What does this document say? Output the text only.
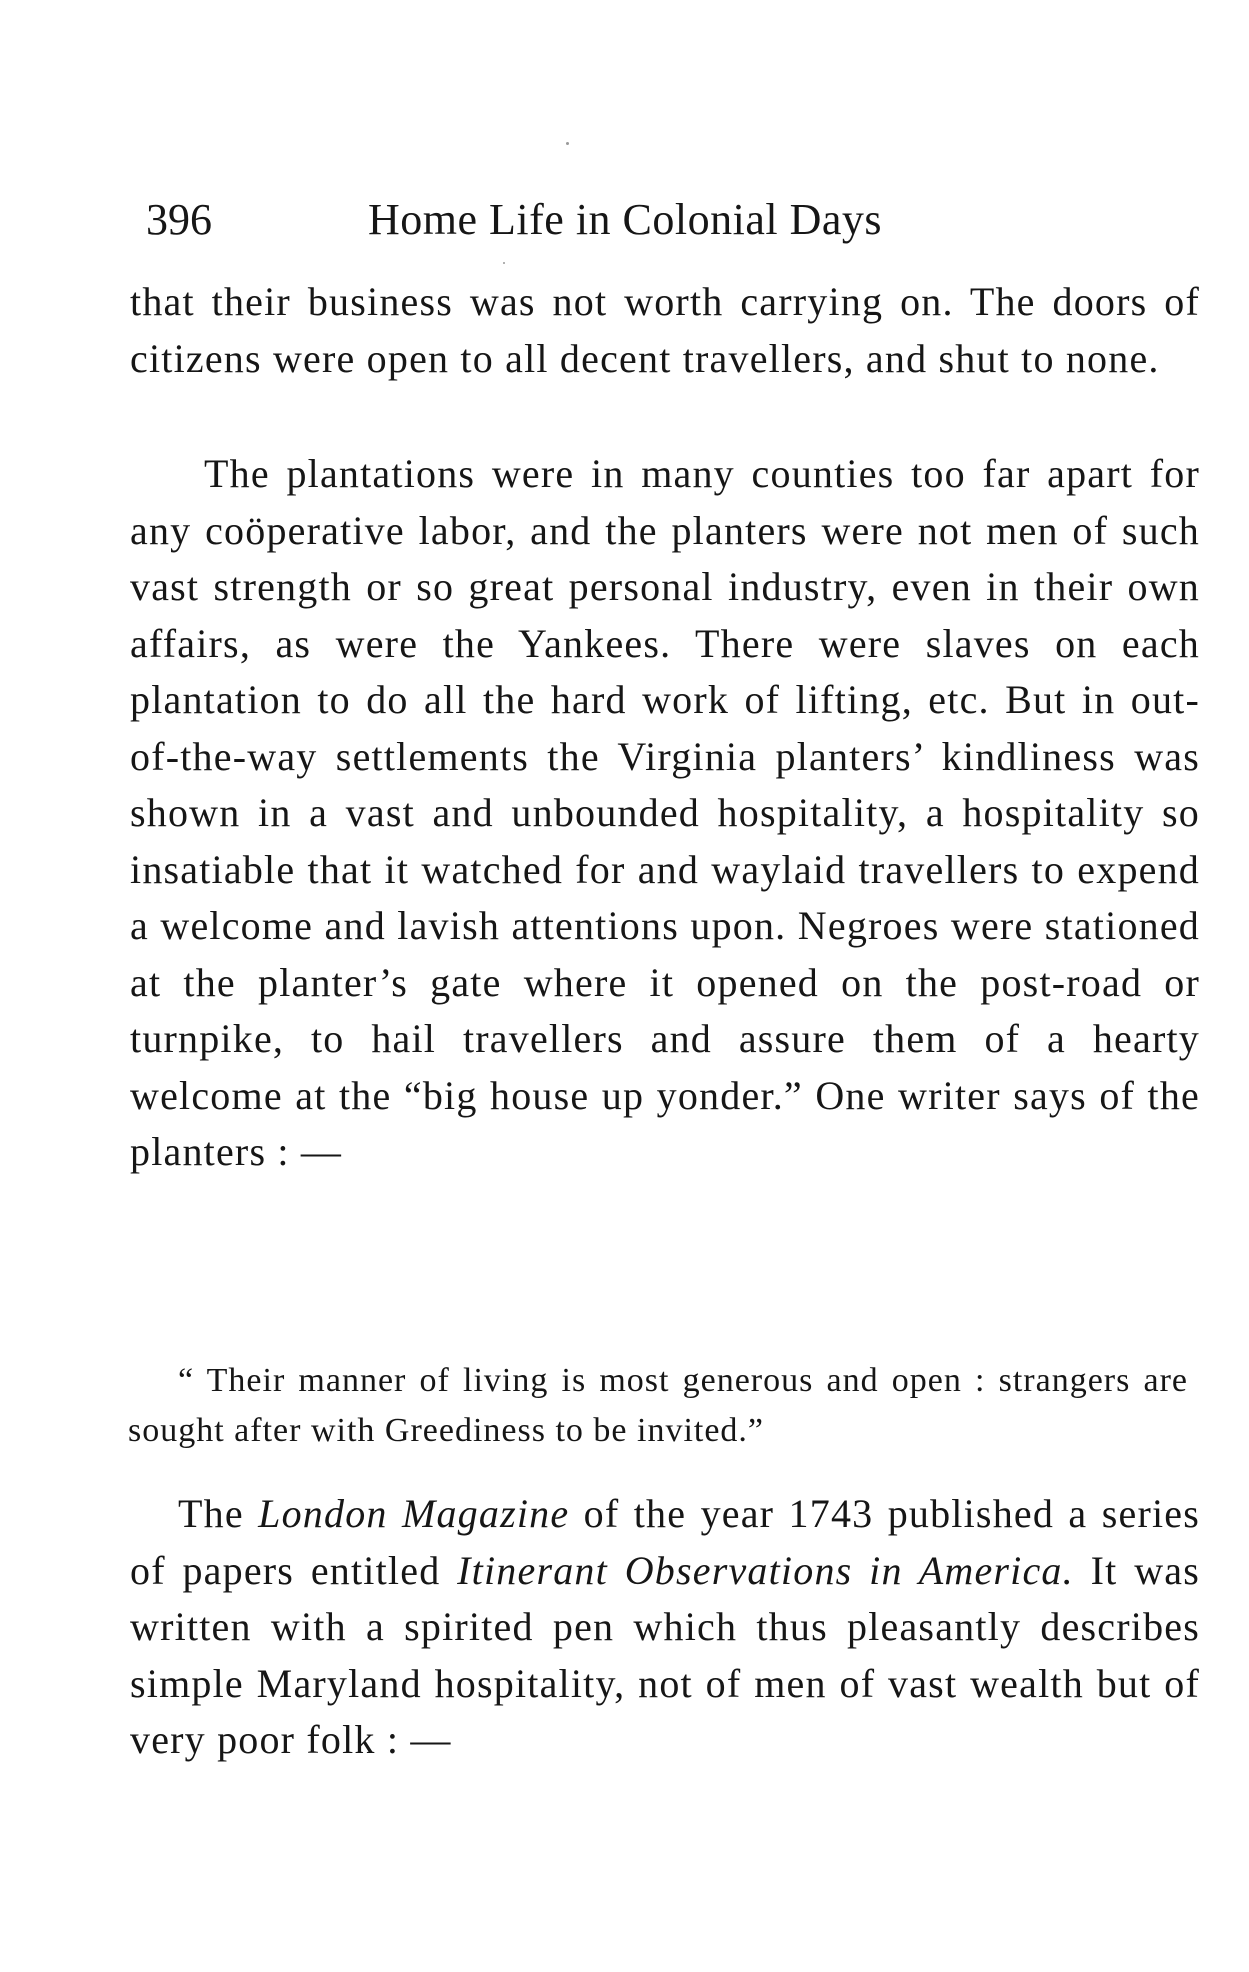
396	Home Life in Colonial Days

that their business was not worth carrying on. The doors of citizens were open to all decent travellers, and shut to none.

The plantations were in many counties too far apart for any coöperative labor, and the planters were not men of such vast strength or so great personal industry, even in their own affairs, as were the Yankees. There were slaves on each plantation to do all the hard work of lifting, etc. But in out-of-the-way settlements the Virginia planters’ kindliness was shown in a vast and unbounded hospitality, a hospitality so insatiable that it watched for and waylaid travellers to expend a welcome and lavish attentions upon. Negroes were stationed at the planter’s gate where it opened on the post-road or turnpike, to hail travellers and assure them of a hearty welcome at the “big house up yonder.” One writer says of the planters : —

“ Their manner of living is most generous and open : strangers are sought after with Greediness to be invited.”

The London Magazine of the year 1743 published a series of papers entitled Itinerant Observations in America. It was written with a spirited pen which thus pleasantly describes simple Maryland hospitality, not of men of vast wealth but of very poor folk : —
